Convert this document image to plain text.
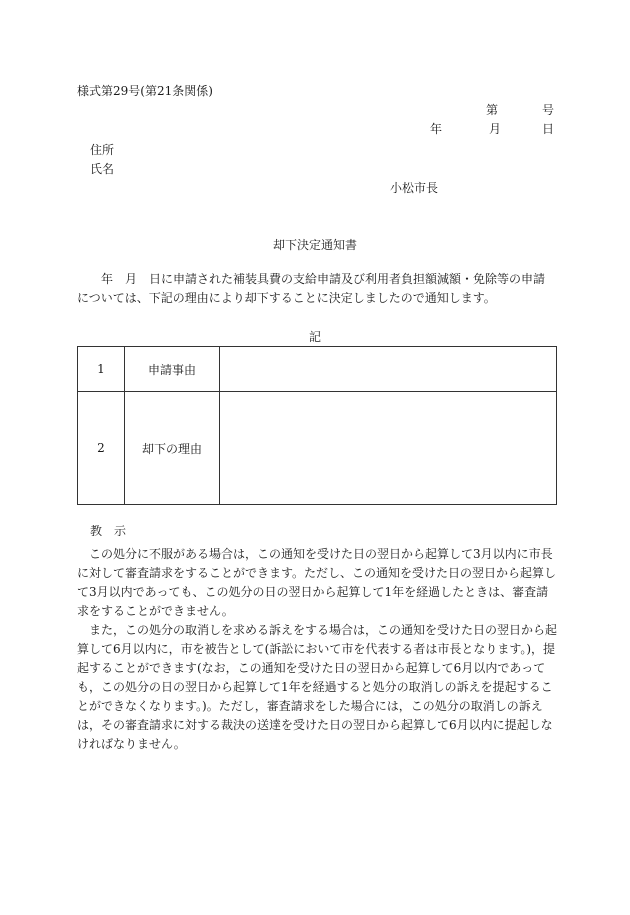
様式第29号(第21条関係)
第	号
年	月	日
住所
氏名
小松市長
却下決定通知書
　　年　月　日に申請された補装具費の支給申請及び利用者負担額減額・免除等の申請については、下記の理由により却下することに決定しましたので通知します。
記
1	申請事由	
2	却下の理由	
教 示

この処分に不服がある場合は，この通知を受けた日の翌日から起算して3月以内に市長に対して審査請求をすることができます。ただし、この通知を受けた日の翌日から起算して3月以内であっても、この処分の日の翌日から起算して1年を経過したときは、審査請求をすることができません。

また，この処分の取消しを求める訴えをする場合は，この通知を受けた日の翌日から起算して6月以内に，市を被告として(訴訟において市を代表する者は市長となります。)，提起することができます(なお，この通知を受けた日の翌日から起算して6月以内であっても，この処分の日の翌日から起算して1年を経過すると処分の取消しの訴えを提起することができなくなります。)。ただし，審査請求をした場合には，この処分の取消しの訴えは，その審査請求に対する裁決の送達を受けた日の翌日から起算して6月以内に提起しなければなりません。
